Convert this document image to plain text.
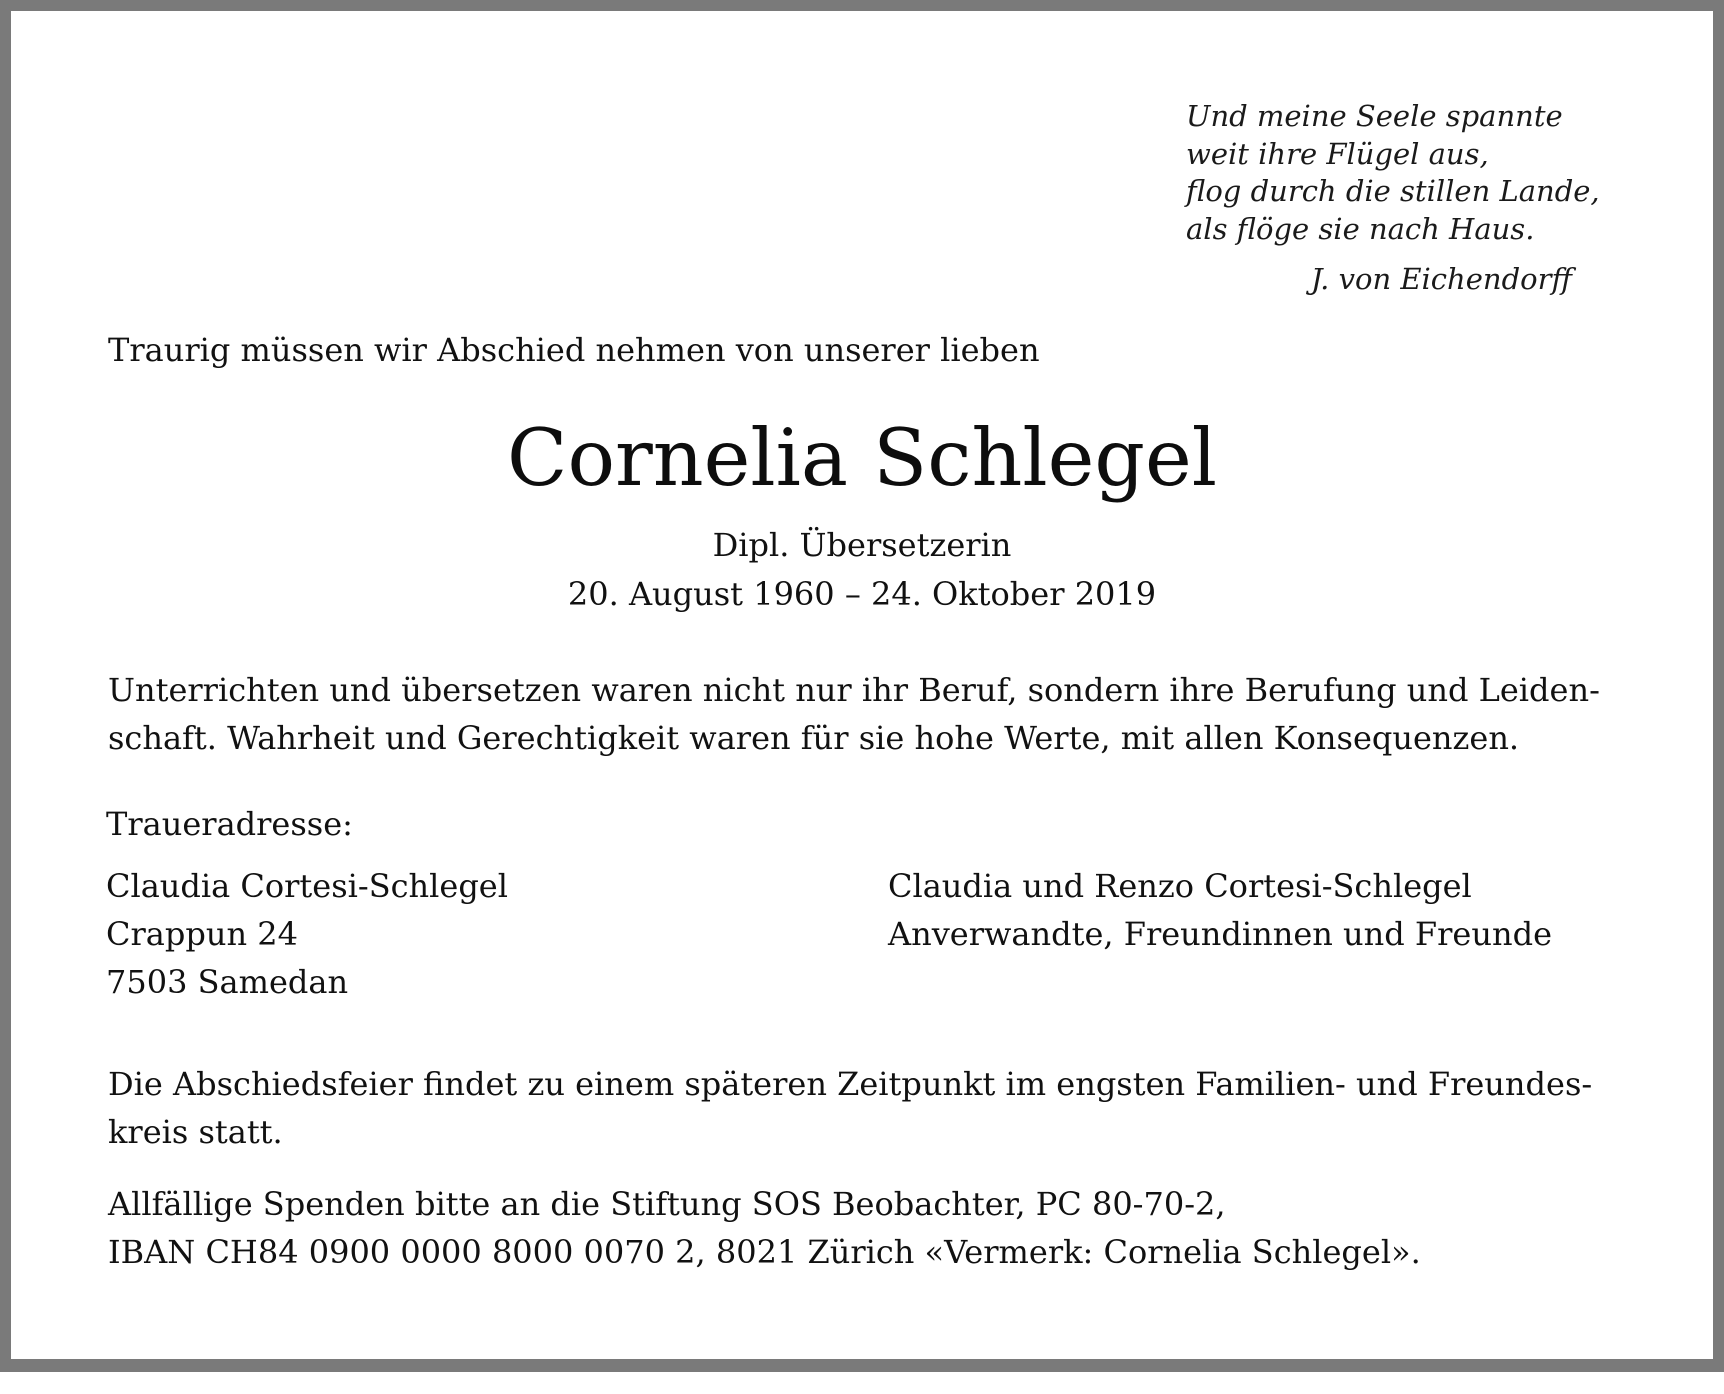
Und meine Seele spannte
weit ihre Flügel aus,
flog durch die stillen Lande,
als flöge sie nach Haus.
J. von Eichendorff
Traurig müssen wir Abschied nehmen von unserer lieben
Cornelia Schlegel
Dipl. Übersetzerin
20. August 1960 – 24. Oktober 2019
Unterrichten und übersetzen waren nicht nur ihr Beruf, sondern ihre Berufung und Leiden-
schaft. Wahrheit und Gerechtigkeit waren für sie hohe Werte, mit allen Konsequenzen.
Traueradresse:
Claudia Cortesi-Schlegel
Crappun 24
7503 Samedan
Claudia und Renzo Cortesi-Schlegel
Anverwandte, Freundinnen und Freunde
Die Abschiedsfeier findet zu einem späteren Zeitpunkt im engsten Familien- und Freundes-
kreis statt.
Allfällige Spenden bitte an die Stiftung SOS Beobachter, PC 80-70-2,
IBAN CH84 0900 0000 8000 0070 2, 8021 Zürich «Vermerk: Cornelia Schlegel».
